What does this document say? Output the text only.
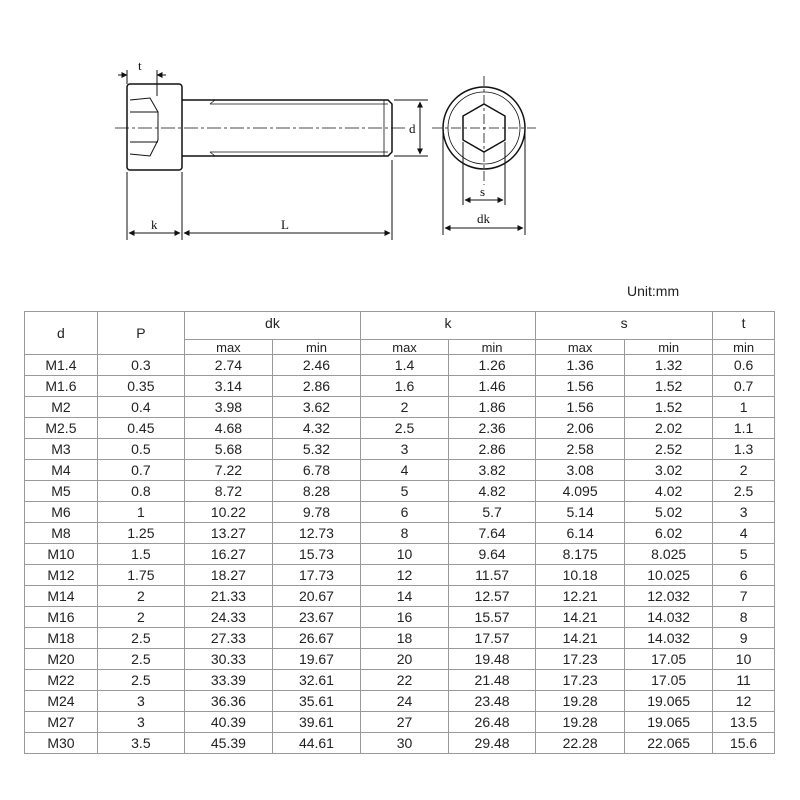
t
k	L
d
s
dk
Unit:mm
d	P	dk		k		s		t
		max	min	max	min	max	min	min
M1.4	0.3	2.74	2.46	1.4	1.26	1.36	1.32	0.6
M1.6	0.35	3.14	2.86	1.6	1.46	1.56	1.52	0.7
M2	0.4	3.98	3.62	2	1.86	1.56	1.52	1
M2.5	0.45	4.68	4.32	2.5	2.36	2.06	2.02	1.1
M3	0.5	5.68	5.32	3	2.86	2.58	2.52	1.3
M4	0.7	7.22	6.78	4	3.82	3.08	3.02	2
M5	0.8	8.72	8.28	5	4.82	4.095	4.02	2.5
M6	1	10.22	9.78	6	5.7	5.14	5.02	3
M8	1.25	13.27	12.73	8	7.64	6.14	6.02	4
M10	1.5	16.27	15.73	10	9.64	8.175	8.025	5
M12	1.75	18.27	17.73	12	11.57	10.18	10.025	6
M14	2	21.33	20.67	14	12.57	12.21	12.032	7
M16	2	24.33	23.67	16	15.57	14.21	14.032	8
M18	2.5	27.33	26.67	18	17.57	14.21	14.032	9
M20	2.5	30.33	19.67	20	19.48	17.23	17.05	10
M22	2.5	33.39	32.61	22	21.48	17.23	17.05	11
M24	3	36.36	35.61	24	23.48	19.28	19.065	12
M27	3	40.39	39.61	27	26.48	19.28	19.065	13.5
M30	3.5	45.39	44.61	30	29.48	22.28	22.065	15.6
